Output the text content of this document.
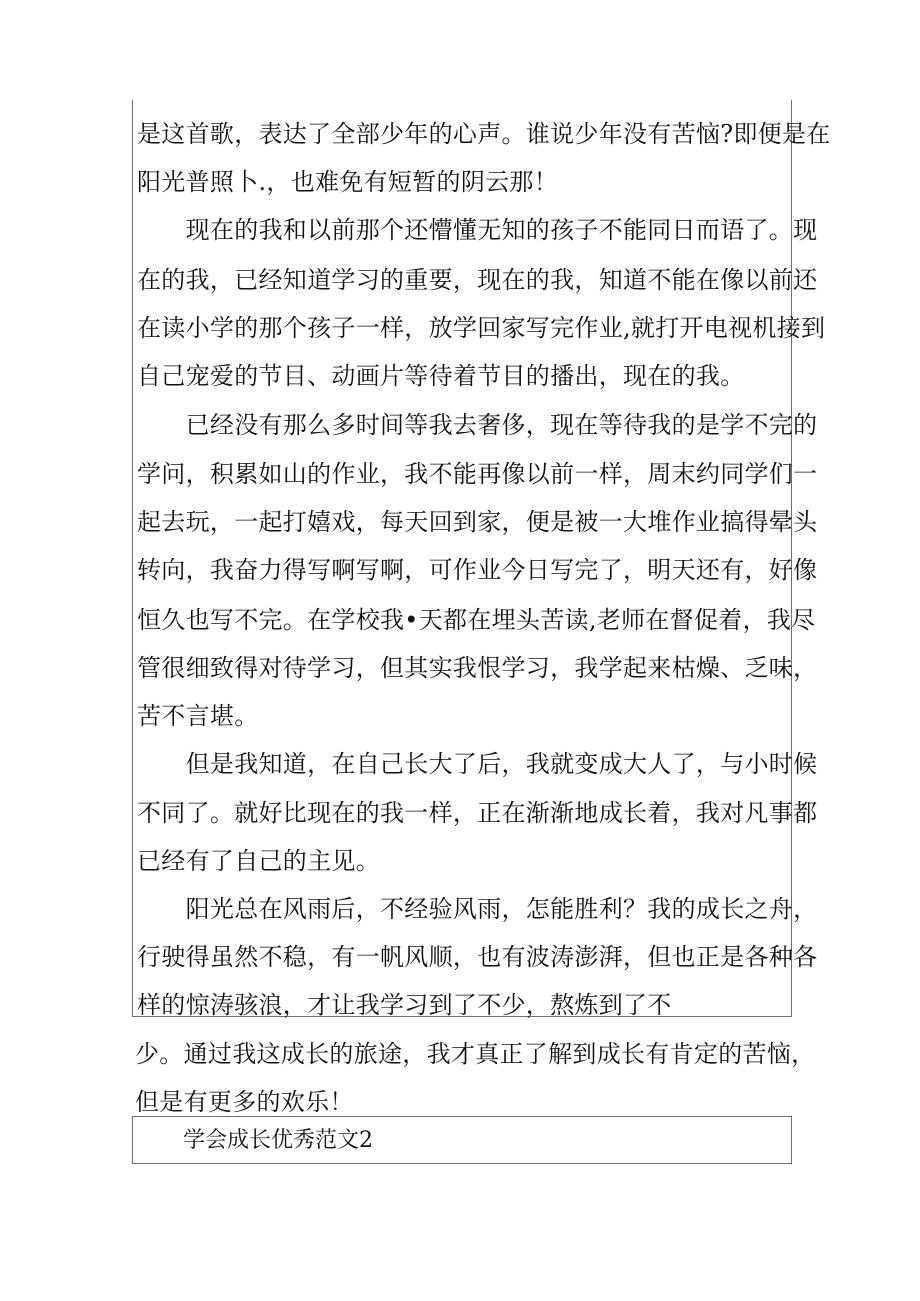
是这首歌，表达了全部少年的心声。谁说少年没有苦恼?即便是在
阳光普照卜.，也难免有短暂的阴云那！
　　现在的我和以前那个还懵懂无知的孩子不能同日而语了。现
在的我，已经知道学习的重要，现在的我，知道不能在像以前还
在读小学的那个孩子一样，放学回家写完作业,就打开电视机接到
自己宠爱的节目、动画片等待着节目的播出，现在的我。
　　已经没有那么多时间等我去奢侈，现在等待我的是学不完的
学问，积累如山的作业，我不能再像以前一样，周末约同学们一
起去玩，一起打嬉戏，每天回到家，便是被一大堆作业搞得晕头
转向，我奋力得写啊写啊，可作业今日写完了，明天还有，好像
恒久也写不完。在学校我•天都在埋头苦读,老师在督促着，我尽
管很细致得对待学习，但其实我恨学习，我学起来枯燥、乏味，
苦不言堪。
　　但是我知道，在自己长大了后，我就变成大人了，与小时候
不同了。就好比现在的我一样，正在渐渐地成长着，我对凡事都
已经有了自己的主见。
　　阳光总在风雨后，不经验风雨，怎能胜利？我的成长之舟，
行驶得虽然不稳，有一帆风顺，也有波涛澎湃，但也正是各种各
样的惊涛骇浪，才让我学习到了不少，熬炼到了不
少。通过我这成长的旅途，我才真正了解到成长有肯定的苦恼，
但是有更多的欢乐！
学会成长优秀范文2
